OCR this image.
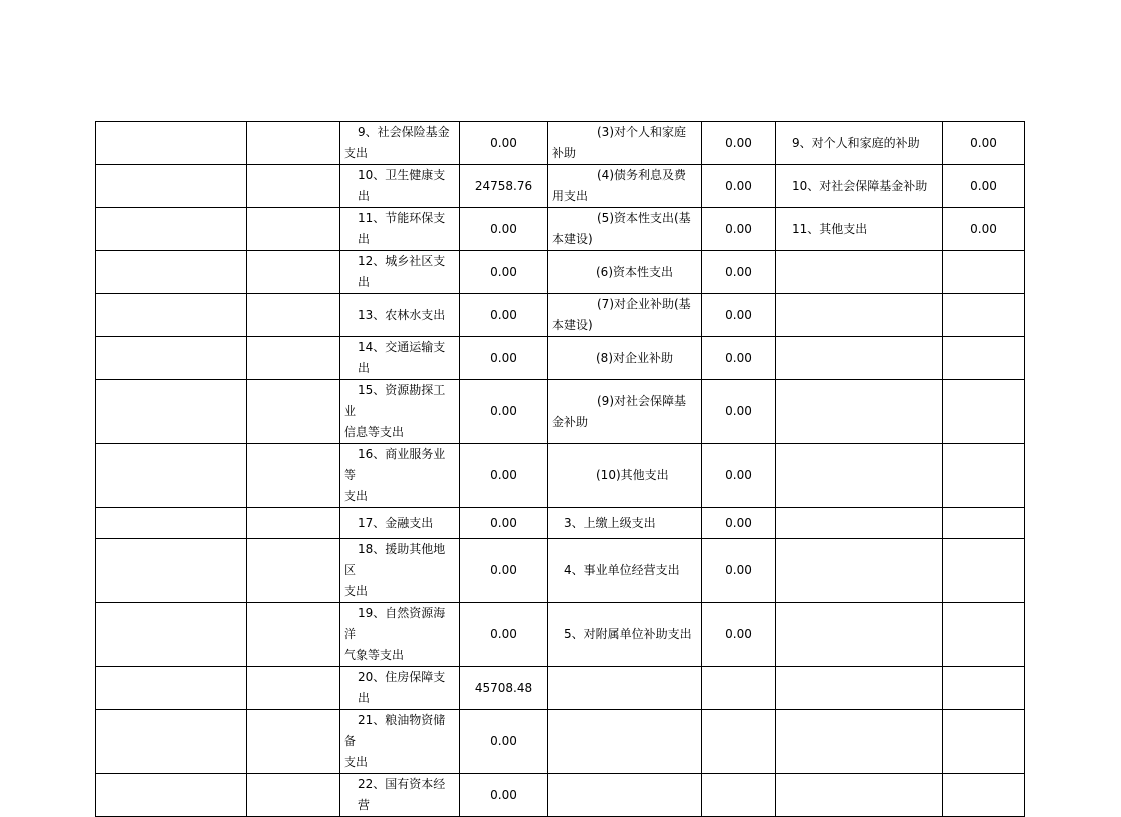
		9、社会保险基金
支出	0.00	(3)对个人和家庭
补助	0.00	9、对个人和家庭的补助	0.00
		10、卫生健康支出	24758.76	(4)债务利息及费
用支出	0.00	10、对社会保障基金补助	0.00
		11、节能环保支出	0.00	(5)资本性支出(基
本建设)	0.00	11、其他支出	0.00
		12、城乡社区支出	0.00	(6)资本性支出	0.00		
		13、农林水支出	0.00	(7)对企业补助(基
本建设)	0.00		
		14、交通运输支出	0.00	(8)对企业补助	0.00		

		15、资源勘探工业
信息等支出	0.00	(9)对社会保障基
金补助	0.00		

		16、商业服务业等
支出	0.00	(10)其他支出	0.00		
		17、金融支出	0.00	3、上缴上级支出	0.00		

		18、援助其他地区
支出	0.00	4、事业单位经营支出	0.00		

		19、自然资源海洋
气象等支出	0.00	5、对附属单位补助支出	0.00		
		20、住房保障支出	45708.48				

		21、粮油物资储备
支出	0.00				
		22、国有资本经营	0.00				
